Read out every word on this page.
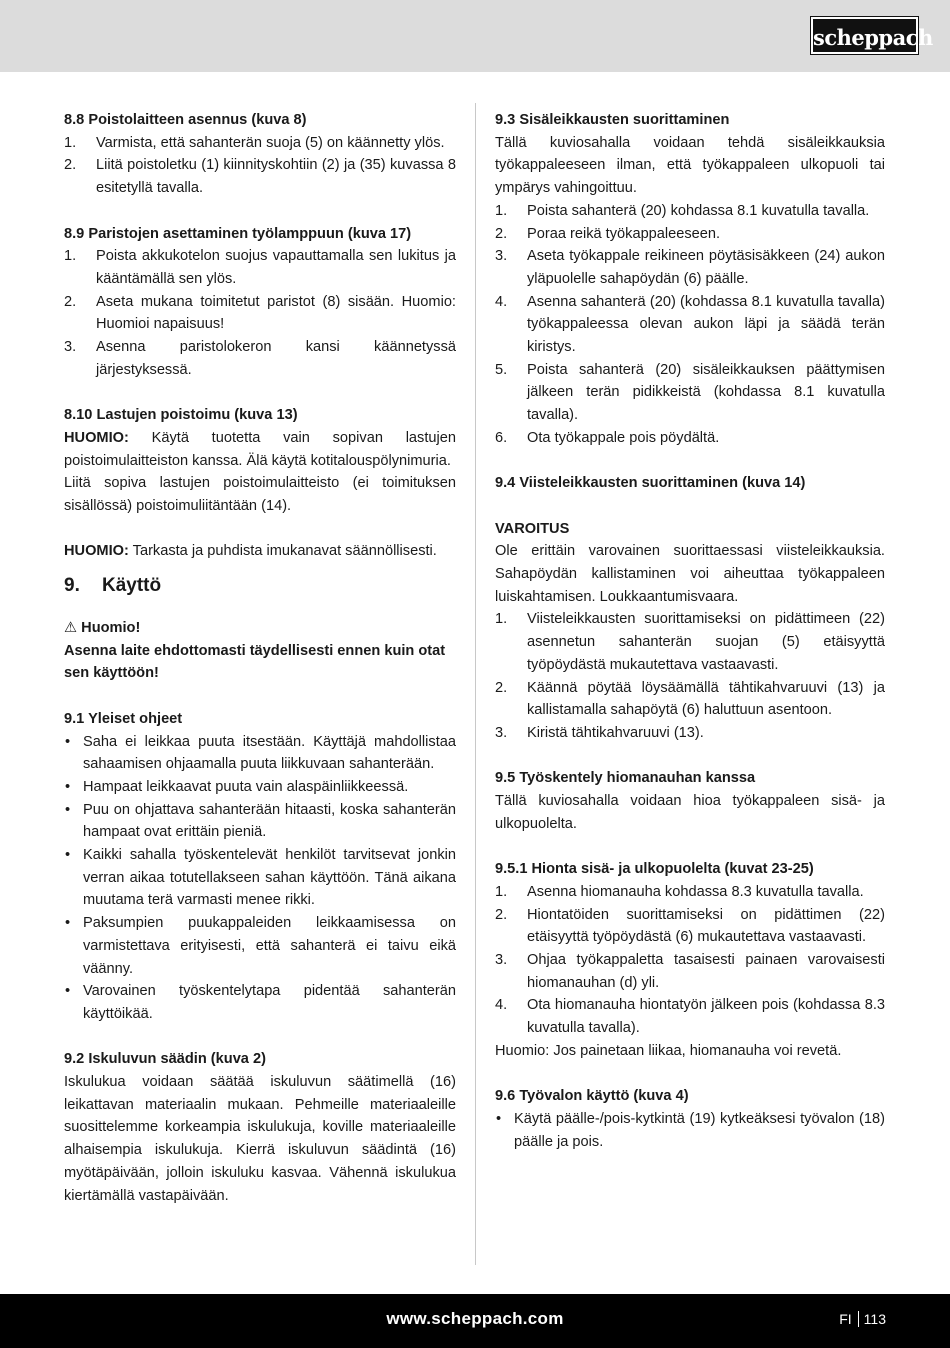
scheppach

8.8 Poistolaitteen asennus (kuva 8)

1. Varmista, että sahanterän suoja (5) on käännetty ylös.
2. Liitä poistoletku (1) kiinnityskohtiin (2) ja (35) kuvassa 8 esitetyllä tavalla.

8.9 Paristojen asettaminen työlamppuun (kuva 17)

1. Poista akkukotelon suojus vapauttamalla sen lukitus ja kääntämällä sen ylös.
2. Aseta mukana toimitetut paristot (8) sisään. Huomio: Huomioi napaisuus!
3. Asenna paristolokeron kansi käännetyssä järjestyksessä.

8.10 Lastujen poistoimu (kuva 13)

HUOMIO: Käytä tuotetta vain sopivan lastujen poistoimulaitteiston kanssa. Älä käytä kotitalouspölynimuria.

Liitä sopiva lastujen poistoimulaitteisto (ei toimituksen sisällössä) poistoimuliitäntään (14).

HUOMIO: Tarkasta ja puhdista imukanavat säännöllisesti.

9. Käyttö

⚠ Huomio!

Asenna laite ehdottomasti täydellisesti ennen kuin otat sen käyttöön!

9.1 Yleiset ohjeet

• Saha ei leikkaa puuta itsestään. Käyttäjä mahdollistaa sahaamisen ohjaamalla puuta liikkuvaan sahanterään.
• Hampaat leikkaavat puuta vain alaspäinliikkeessä.
• Puu on ohjattava sahanterään hitaasti, koska sahanterän hampaat ovat erittäin pieniä.
• Kaikki sahalla työskentelevät henkilöt tarvitsevat jonkin verran aikaa totutellakseen sahan käyttöön. Tänä aikana muutama terä varmasti menee rikki.
• Paksumpien puukappaleiden leikkaamisessa on varmistettava erityisesti, että sahanterä ei taivu eikä väänny.
• Varovainen työskentelytapa pidentää sahanterän käyttöikää.

9.2 Iskuluvun säädin (kuva 2)

Iskulukua voidaan säätää iskuluvun säätimellä (16) leikattavan materiaalin mukaan. Pehmeille materiaaleille suosittelemme korkeampia iskulukuja, koville materiaaleille alhaisempia iskulukuja. Kierrä iskuluvun säädintä (16) myötäpäivään, jolloin iskuluku kasvaa. Vähennä iskulukua kiertämällä vastapäivään.

9.3 Sisäleikkausten suorittaminen

Tällä kuviosahalla voidaan tehdä sisäleikkauksia työkappaleeseen ilman, että työkappaleen ulkopuoli tai ympärys vahingoittuu.

1. Poista sahanterä (20) kohdassa 8.1 kuvatulla tavalla.
2. Poraa reikä työkappaleeseen.
3. Aseta työkappale reikineen pöytäsisäkkeen (24) aukon yläpuolelle sahapöydän (6) päälle.
4. Asenna sahanterä (20) (kohdassa 8.1 kuvatulla tavalla) työkappaleessa olevan aukon läpi ja säädä terän kiristys.
5. Poista sahanterä (20) sisäleikkauksen päättymisen jälkeen terän pidikkeistä (kohdassa 8.1 kuvatulla tavalla).
6. Ota työkappale pois pöydältä.

9.4 Viisteleikkausten suorittaminen (kuva 14)

VAROITUS

Ole erittäin varovainen suorittaessasi viisteleikkauksia. Sahapöydän kallistaminen voi aiheuttaa työkappaleen luiskahtamisen. Loukkaantumisvaara.

1. Viisteleikkausten suorittamiseksi on pidättimeen (22) asennetun sahanterän suojan (5) etäisyyttä työpöydästä mukautettava vastaavasti.
2. Käännä pöytää löysäämällä tähtikahvaruuvi (13) ja kallistamalla sahapöytä (6) haluttuun asentoon.
3. Kiristä tähtikahvaruuvi (13).

9.5 Työskentely hiomanauhan kanssa

Tällä kuviosahalla voidaan hioa työkappaleen sisä- ja ulkopuolelta.

9.5.1 Hionta sisä- ja ulkopuolelta (kuvat 23-25)

1. Asenna hiomanauha kohdassa 8.3 kuvatulla tavalla.
2. Hiontatöiden suorittamiseksi on pidättimen (22) etäisyyttä työpöydästä (6) mukautettava vastaavasti.
3. Ohjaa työkappaletta tasaisesti painaen varovaisesti hiomanauhan (d) yli.
4. Ota hiomanauha hiontatyön jälkeen pois (kohdassa 8.3 kuvatulla tavalla).

Huomio: Jos painetaan liikaa, hiomanauha voi revetä.

9.6 Työvalon käyttö (kuva 4)

• Käytä päälle-/pois-kytkintä (19) kytkeäksesi työvalon (18) päälle ja pois.
www.scheppach.com	FI 113
